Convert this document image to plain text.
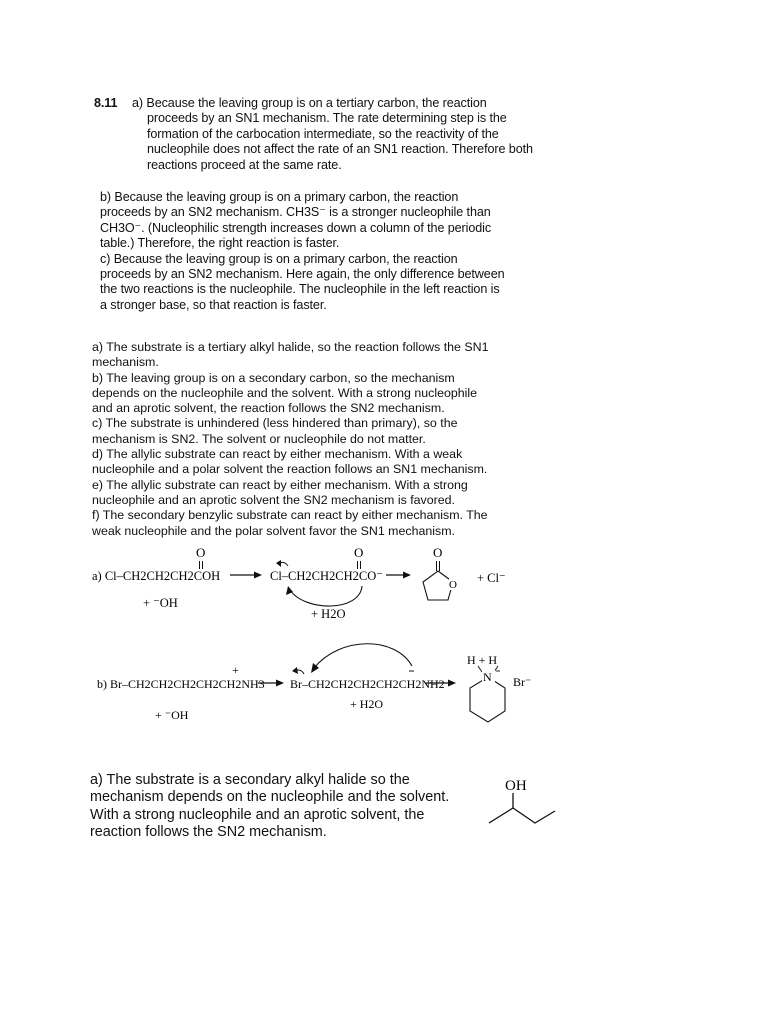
8.11	a) Because the leaving group is on a tertiary carbon, the reaction

proceeds by an SN1 mechanism. The rate determining step is the

formation of the carbocation intermediate, so the reactivity of the

nucleophile does not affect the rate of an SN1 reaction. Therefore both

reactions proceed at the same rate.

b) Because the leaving group is on a primary carbon, the reaction

proceeds by an SN2 mechanism. CH3S⁻ is a stronger nucleophile than

CH3O⁻. (Nucleophilic strength increases down a column of the periodic

table.) Therefore, the right reaction is faster.

c) Because the leaving group is on a primary carbon, the reaction

proceeds by an SN2 mechanism. Here again, the only difference between

the two reactions is the nucleophile. The nucleophile in the left reaction is

a stronger base, so that reaction is faster.

a) The substrate is a tertiary alkyl halide, so the reaction follows the SN1

mechanism.

b) The leaving group is on a secondary carbon, so the mechanism

depends on the nucleophile and the solvent. With a strong nucleophile

and an aprotic solvent, the reaction follows the SN2 mechanism.

c) The substrate is unhindered (less hindered than primary), so the

mechanism is SN2. The solvent or nucleophile do not matter.

d) The allylic substrate can react by either mechanism. With a weak

nucleophile and a polar solvent the reaction follows an SN1 mechanism.

e) The allylic substrate can react by either mechanism. With a strong

nucleophile and an aprotic solvent the SN2 mechanism is favored.

f) The secondary benzylic substrate can react by either mechanism. The

weak nucleophile and the polar solvent favor the SN1 mechanism.

O
a) Cl–CH2CH2CH2COH
+ ⁻OH
O
Cl–CH2CH2CH2CO⁻
+ H2O
O
O + Cl⁻
+
b) Br–CH2CH2CH2CH2CH2NH3
+ ⁻OH
Br–CH2CH2CH2CH2CH2NH2
+ H2O
H + H
N Br⁻
OH

a) The substrate is a secondary alkyl halide so the

mechanism depends on the nucleophile and the solvent.

With a strong nucleophile and an aprotic solvent, the

reaction follows the SN2 mechanism.
